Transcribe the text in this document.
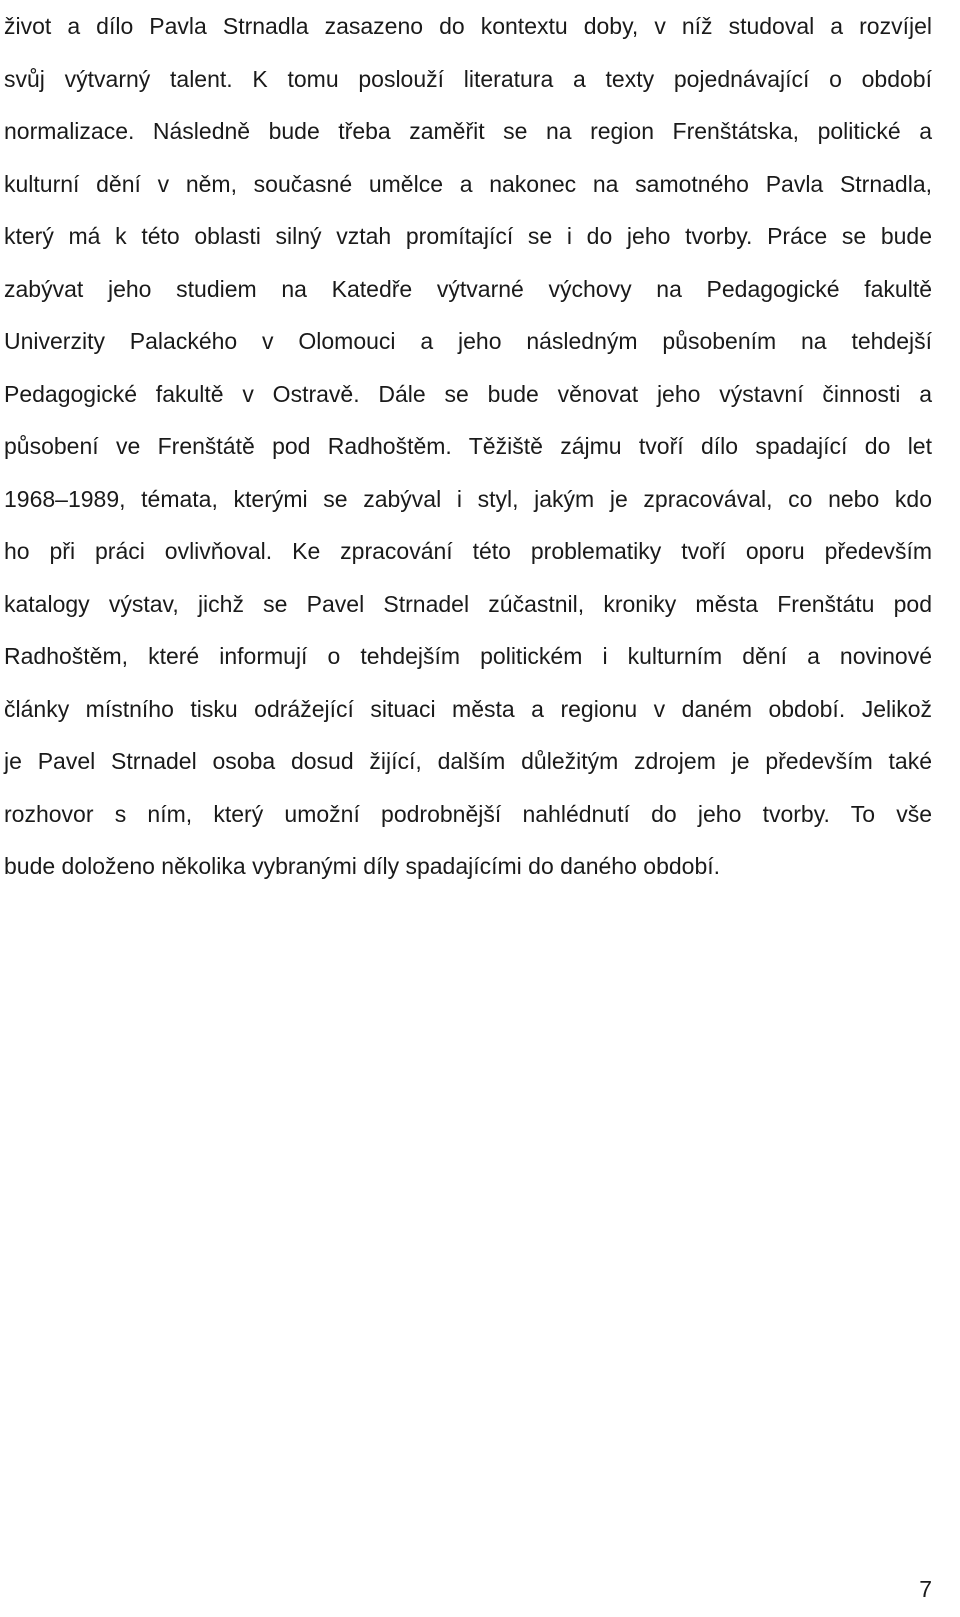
život a dílo Pavla Strnadla zasazeno do kontextu doby, v níž studoval a rozvíjel
svůj výtvarný talent. K tomu poslouží literatura a texty pojednávající o období
normalizace. Následně bude třeba zaměřit se na region Frenštátska, politické a
kulturní dění v něm, současné umělce a nakonec na samotného Pavla Strnadla,
který má k této oblasti silný vztah promítající se i do jeho tvorby. Práce se bude
zabývat jeho studiem na Katedře výtvarné výchovy na Pedagogické fakultě
Univerzity Palackého v Olomouci a jeho následným působením na tehdejší
Pedagogické fakultě v Ostravě. Dále se bude věnovat jeho výstavní činnosti a
působení ve Frenštátě pod Radhoštěm. Těžiště zájmu tvoří dílo spadající do let
1968–1989, témata, kterými se zabýval i styl, jakým je zpracovával, co nebo kdo
ho při práci ovlivňoval. Ke zpracování této problematiky tvoří oporu především
katalogy výstav, jichž se Pavel Strnadel zúčastnil, kroniky města Frenštátu pod
Radhoštěm, které informují o tehdejším politickém i kulturním dění a novinové
články místního tisku odrážející situaci města a regionu v daném období. Jelikož
je Pavel Strnadel osoba dosud žijící, dalším důležitým zdrojem je především také
rozhovor s ním, který umožní podrobnější nahlédnutí do jeho tvorby. To vše
bude doloženo několika vybranými díly spadajícími do daného období.
7
